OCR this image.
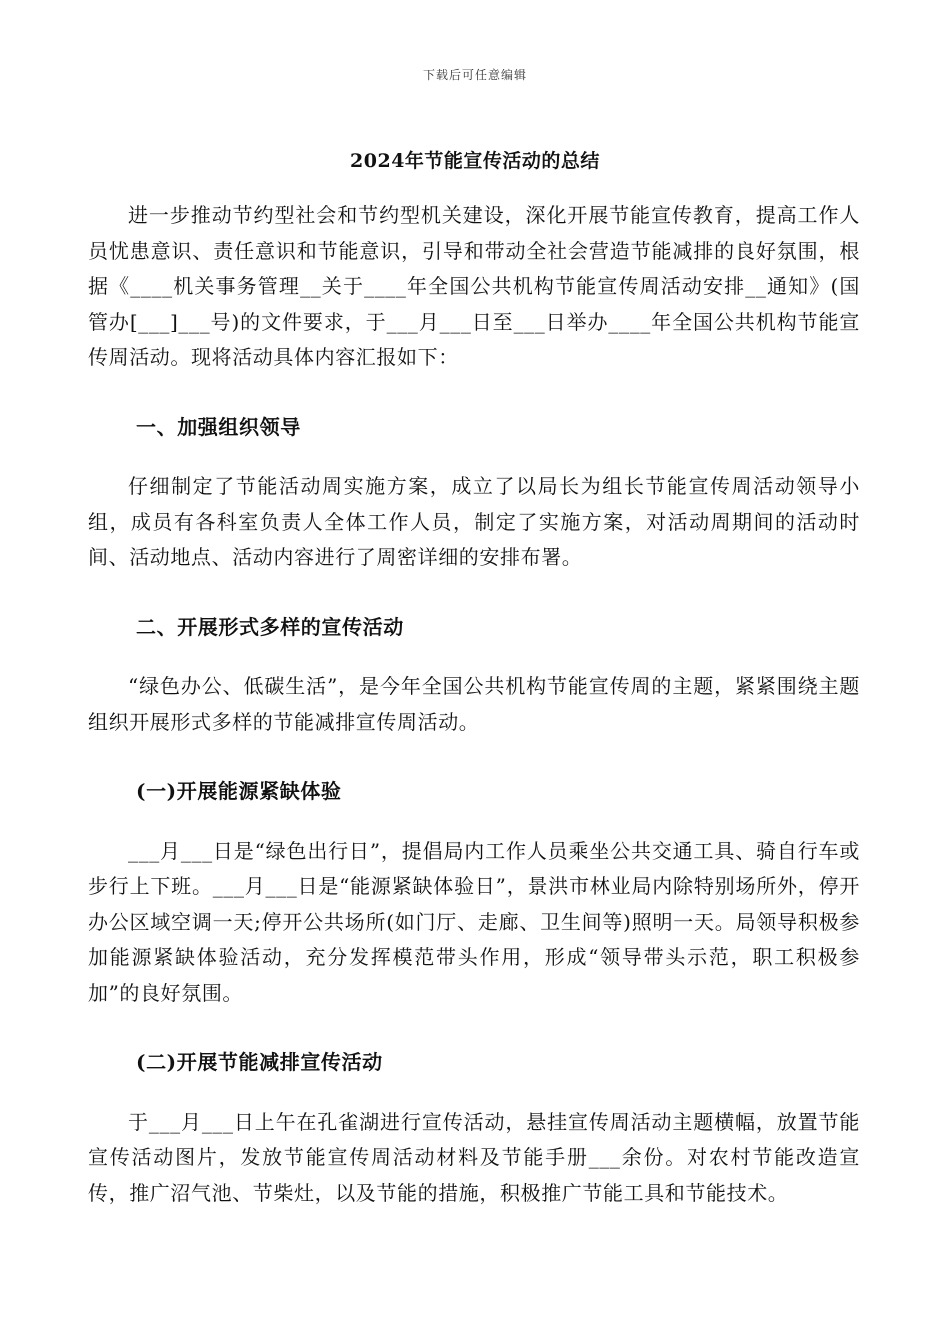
下载后可任意编辑
2024年节能宣传活动的总结

进一步推动节约型社会和节约型机关建设，深化开展节能宣传教育，提高工作人员忧患意识、责任意识和节能意识，引导和带动全社会营造节能减排的良好氛围，根据《____机关事务管理__关于____年全国公共机构节能宣传周活动安排__通知》(国管办[___]___号)的文件要求，于___月___日至___日举办____年全国公共机构节能宣传周活动。现将活动具体内容汇报如下：

一、加强组织领导

仔细制定了节能活动周实施方案，成立了以局长为组长节能宣传周活动领导小组，成员有各科室负责人全体工作人员，制定了实施方案，对活动周期间的活动时间、活动地点、活动内容进行了周密详细的安排布署。

二、开展形式多样的宣传活动

“绿色办公、低碳生活”，是今年全国公共机构节能宣传周的主题，紧紧围绕主题组织开展形式多样的节能减排宣传周活动。

(一)开展能源紧缺体验

___月___日是“绿色出行日”，提倡局内工作人员乘坐公共交通工具、骑自行车或步行上下班。___月___日是“能源紧缺体验日”，景洪市林业局内除特别场所外，停开办公区域空调一天;停开公共场所(如门厅、走廊、卫生间等)照明一天。局领导积极参加能源紧缺体验活动，充分发挥模范带头作用，形成“领导带头示范，职工积极参加”的良好氛围。

(二)开展节能减排宣传活动

于___月___日上午在孔雀湖进行宣传活动，悬挂宣传周活动主题横幅，放置节能宣传活动图片，发放节能宣传周活动材料及节能手册___余份。对农村节能改造宣传，推广沼气池、节柴灶，以及节能的措施，积极推广节能工具和节能技术。
